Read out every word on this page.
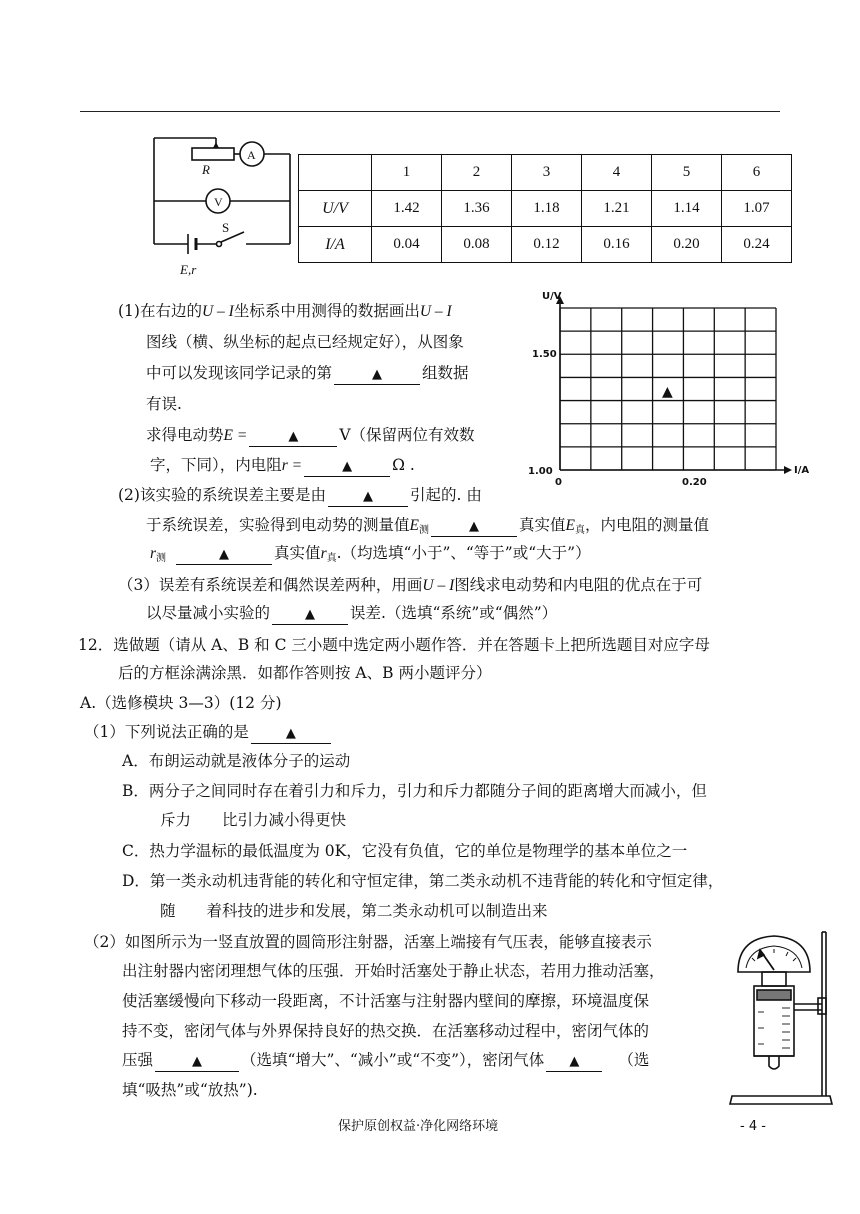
R
A
V
S
E,r
	1	2	3	4	5	6
U/V	1.42	1.36	1.18	1.21	1.14	1.07
I/A	0.04	0.08	0.12	0.16	0.20	0.24
U/V
I/A
1.50
1.00
0	0.20
▲
(1)在右边的U – I坐标系中用测得的数据画出U – I
图线（横、纵坐标的起点已经规定好），从图象
中可以发现该同学记录的第	▲	组数据
有误.
求得电动势E =	▲	V（保留两位有效数
字，下同），内电阻r =	▲	Ω .
(2)该实验的系统误差主要是由	▲ 引起的. 由
于系统误差，实验得到电动势的测量值$E_测$	▲	真实值$E_真$，内电阻的测量值
$r_测$	▲	真实值$r_真$.（均选填“小于”、“等于”或“大于”）
（3）误差有系统误差和偶然误差两种，用画U – I图线求电动势和内电阻的优点在于可
以尽量减小实验的	▲ 误差.（选填“系统”或“偶然”）
12．选做题（请从 A、B 和 C 三小题中选定两小题作答．并在答题卡上把所选题目对应字母
后的方框涂满涂黑．如都作答则按 A、B 两小题评分）
A.（选修模块 3—3）(12 分)
（1）下列说法正确的是	▲
A．布朗运动就是液体分子的运动
B．两分子之间同时存在着引力和斥力，引力和斥力都随分子间的距离增大而减小，但
斥力　　比引力减小得更快
C．热力学温标的最低温度为 0K，它没有负值，它的单位是物理学的基本单位之一
D．第一类永动机违背能的转化和守恒定律，第二类永动机不违背能的转化和守恒定律，
随　　着科技的进步和发展，第二类永动机可以制造出来
（2）如图所示为一竖直放置的圆筒形注射器，活塞上端接有气压表，能够直接表示
出注射器内密闭理想气体的压强．开始时活塞处于静止状态，若用力推动活塞，
使活塞缓慢向下移动一段距离，不计活塞与注射器内壁间的摩擦，环境温度保
持不变，密闭气体与外界保持良好的热交换．在活塞移动过程中，密闭气体的
压强	▲	（选填“增大”、“减小”或“不变”），密闭气体 ▲	（选
填“吸热”或“放热”).
保护原创权益·净化网络环境	- 4 -
